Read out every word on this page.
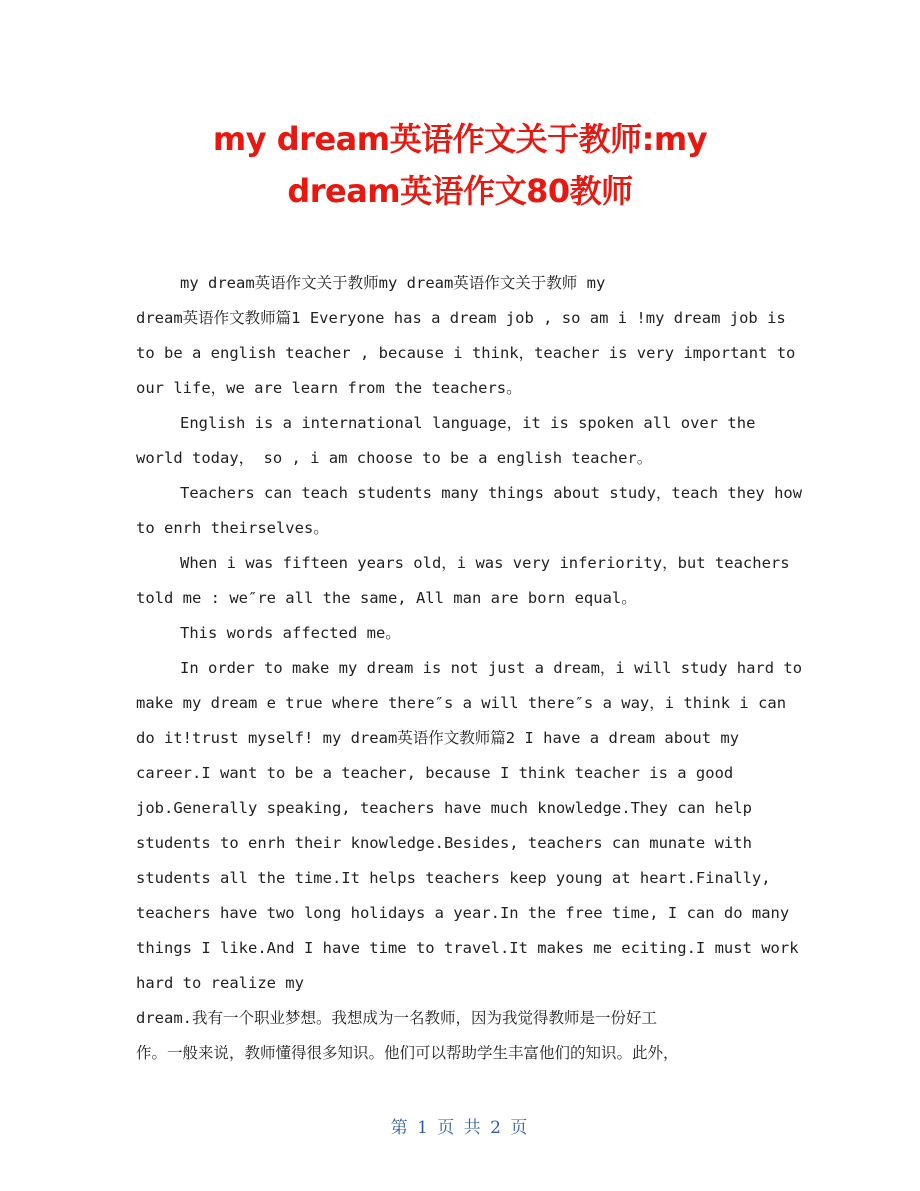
my dream英语作文关于教师:my
dream英语作文80教师
my dream英语作文关于教师my dream英语作文关于教师 my
dream英语作文教师篇1 Everyone has a dream job , so am i !my dream job is
to be a english teacher , because i think，teacher is very important to
our life，we are learn from the teachers。
English is a international language，it is spoken all over the
world today， so , i am choose to be a english teacher。
Teachers can teach students many things about study，teach they how
to enrh theirselves。
When i was fifteen years old，i was very inferiority，but teachers
told me : we″re all the same, All man are born equal。
This words affected me。
In order to make my dream is not just a dream，i will study hard to
make my dream e true where there″s a will there″s a way，i think i can
do it!trust myself! my dream英语作文教师篇2 I have a dream about my
career.I want to be a teacher, because I think teacher is a good
job.Generally speaking, teachers have much knowledge.They can help
students to enrh their knowledge.Besides, teachers can munate with
students all the time.It helps teachers keep young at heart.Finally,
teachers have two long holidays a year.In the free time, I can do many
things I like.And I have time to travel.It makes me eciting.I must work
hard to realize my
dream.我有一个职业梦想。我想成为一名教师，因为我觉得教师是一份好工
作。一般来说，教师懂得很多知识。他们可以帮助学生丰富他们的知识。此外，
第 1 页 共 2 页
